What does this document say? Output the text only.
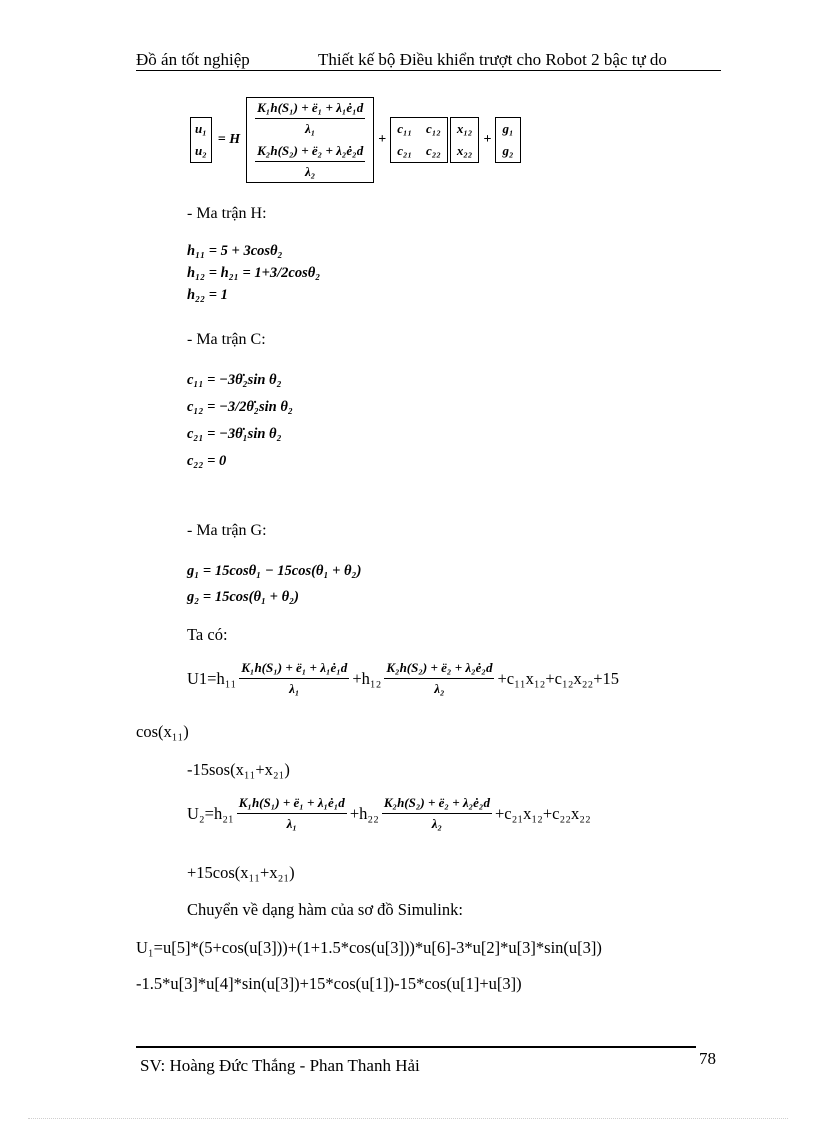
Đồ án tốt nghiệp	Thiết kế bộ Điều khiển trượt cho Robot 2 bậc tự do
u₁
u₂
= H
K₁h(S₁) + ë₁ + λ₁ė₁d
λ₁
K₂h(S₂) + ë₂ + λ₂ė₂d
λ₂
+
c₁₁ c₁₂
c₂₁ c₂₂
x₁₂
x₂₂
+
g₁
g₂
- Ma trận H:
h₁₁ = 5 + 3cosθ₂
h₁₂ = h₂₁ = 1+3/2cosθ₂
h₂₂ = 1
- Ma trận C:
c₁₁ = −3θ̇₂sin θ₂
c₁₂ = −3/2θ̇₂sin θ₂
c₂₁ = −3θ̇₁sin θ₂
c₂₂ = 0
- Ma trận G:
g₁ = 15cosθ₁ − 15cos(θ₁ + θ₂)
g₂ = 15cos(θ₁ + θ₂)
Ta có:
$U1=h_{11} \frac{\text{K₁h(S₁) + ë₁ + λ₁ė₁d}}{\text{λ₁}} +h_{12} \frac{\text{K₂h(S₂) + ë₂ + λ₂ė₂d}}{\text{λ₂}} +c_{11}x_{12}+c_{12}x_{22}+15$
cos(x₁₁)
-15sos(x₁₁+x₂₁)
$U_2=h_{21} \frac{\text{K₁h(S₁) + ë₁ + λ₁ė₁d}}{\text{λ₁}} +h_{22} \frac{\text{K₂h(S₂) + ë₂ + λ₂ė₂d}}{\text{λ₂}} +c_{21}x_{12}+c_{22}x_{22}$
+15cos(x₁₁+x₂₁)
Chuyển về dạng hàm của sơ đồ Simulink:
U₁=u[5]*(5+cos(u[3]))+(1+1.5*cos(u[3]))*u[6]-3*u[2]*u[3]*sin(u[3])
-1.5*u[3]*u[4]*sin(u[3])+15*cos(u[1])-15*cos(u[1]+u[3])
SV: Hoàng Đức Thắng - Phan Thanh Hải	78
